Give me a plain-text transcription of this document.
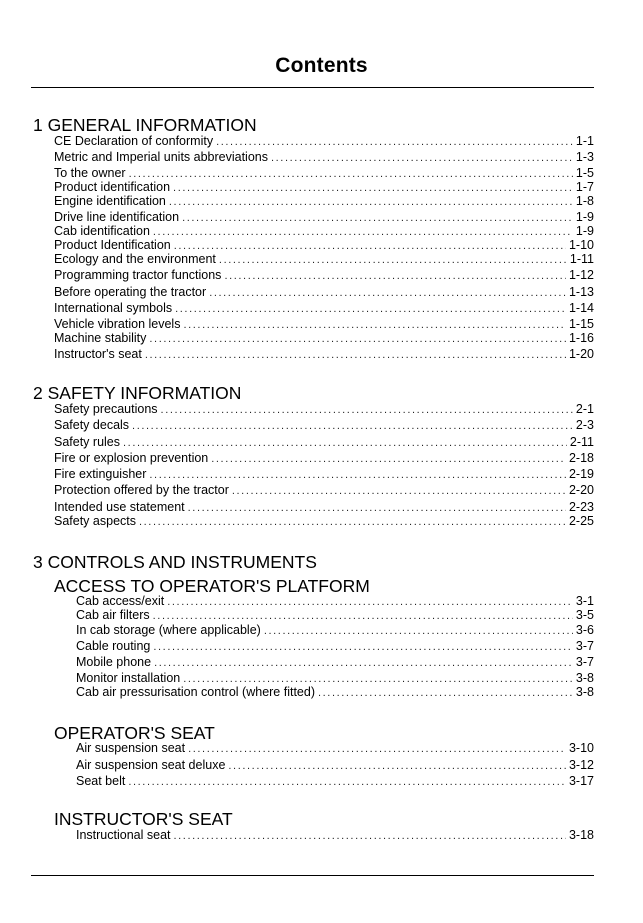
Contents
1 GENERAL INFORMATION
CE Declaration of conformity .....	1-1
Metric and Imperial units abbreviations .....	1-3
To the owner .....	1-5
Product identification .....	1-7
Engine identification .....	1-8
Drive line identification .....	1-9
Cab identification .....	1-9
Product Identification .....	1-10
Ecology and the environment .....	1-11
Programming tractor functions .....	1-12
Before operating the tractor .....	1-13
International symbols .....	1-14
Vehicle vibration levels .....	1-15
Machine stability .....	1-16
Instructor's seat .....	1-20
2 SAFETY INFORMATION
Safety precautions .....	2-1
Safety decals .....	2-3
Safety rules .....	2-11
Fire or explosion prevention .....	2-18
Fire extinguisher .....	2-19
Protection offered by the tractor .....	2-20
Intended use statement .....	2-23
Safety aspects .....	2-25
3 CONTROLS AND INSTRUMENTS
ACCESS TO OPERATOR'S PLATFORM
Cab access/exit .....	3-1
Cab air filters .....	3-5
In cab storage (where applicable) .....	3-6
Cable routing .....	3-7
Mobile phone .....	3-7
Monitor installation .....	3-8
Cab air pressurisation control (where fitted) .....	3-8
OPERATOR'S SEAT
Air suspension seat .....	3-10
Air suspension seat deluxe .....	3-12
Seat belt .....	3-17
INSTRUCTOR'S SEAT
Instructional seat .....	3-18
